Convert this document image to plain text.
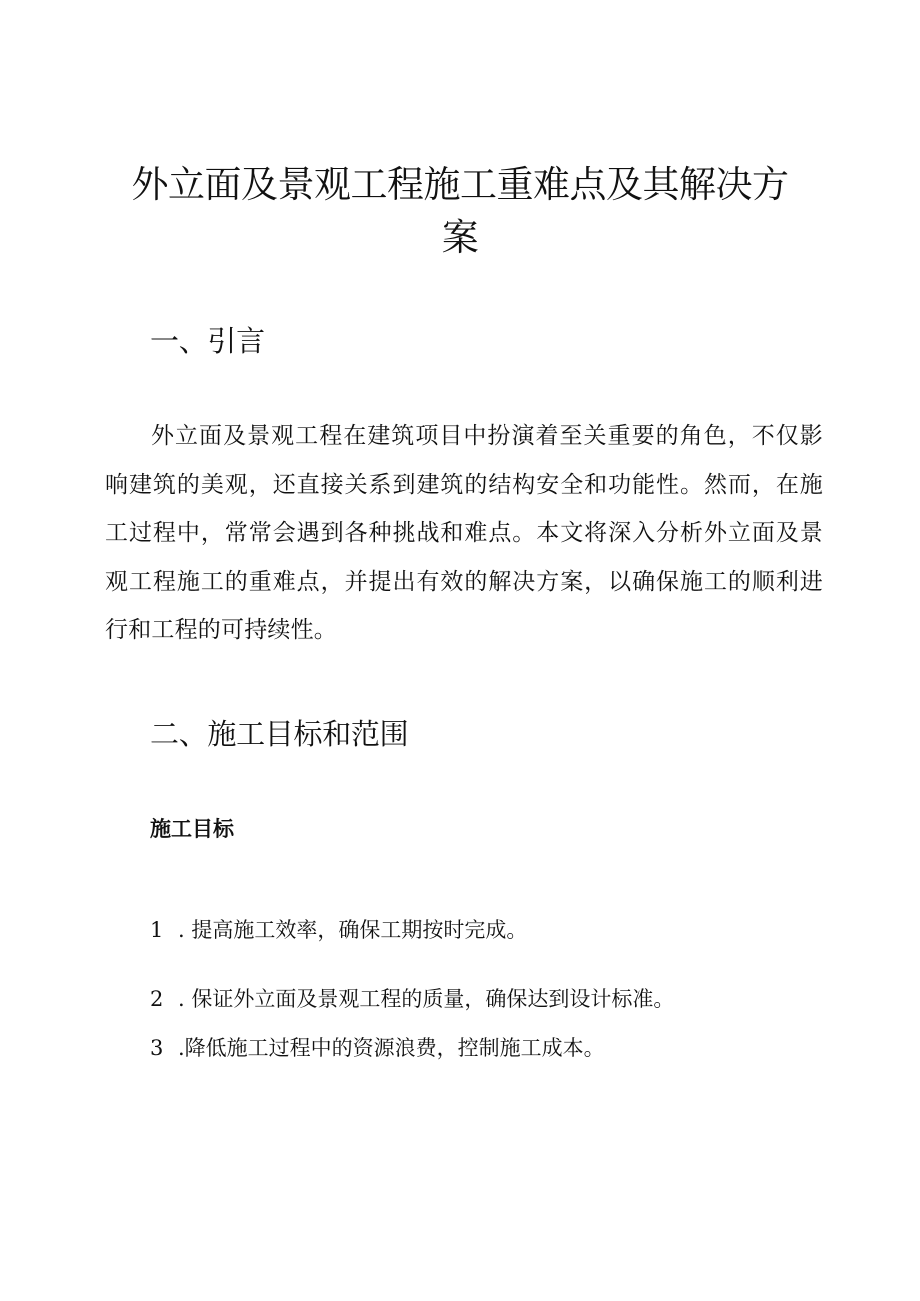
外立面及景观工程施工重难点及其解决方案
一、引言

外立面及景观工程在建筑项目中扮演着至关重要的角色，不仅影响建筑的美观，还直接关系到建筑的结构安全和功能性。然而，在施工过程中，常常会遇到各种挑战和难点。本文将深入分析外立面及景观工程施工的重难点，并提出有效的解决方案，以确保施工的顺利进行和工程的可持续性。

二、施工目标和范围
施工目标
1 . 提高施工效率，确保工期按时完成。
2 . 保证外立面及景观工程的质量，确保达到设计标准。
3 .降低施工过程中的资源浪费，控制施工成本。
